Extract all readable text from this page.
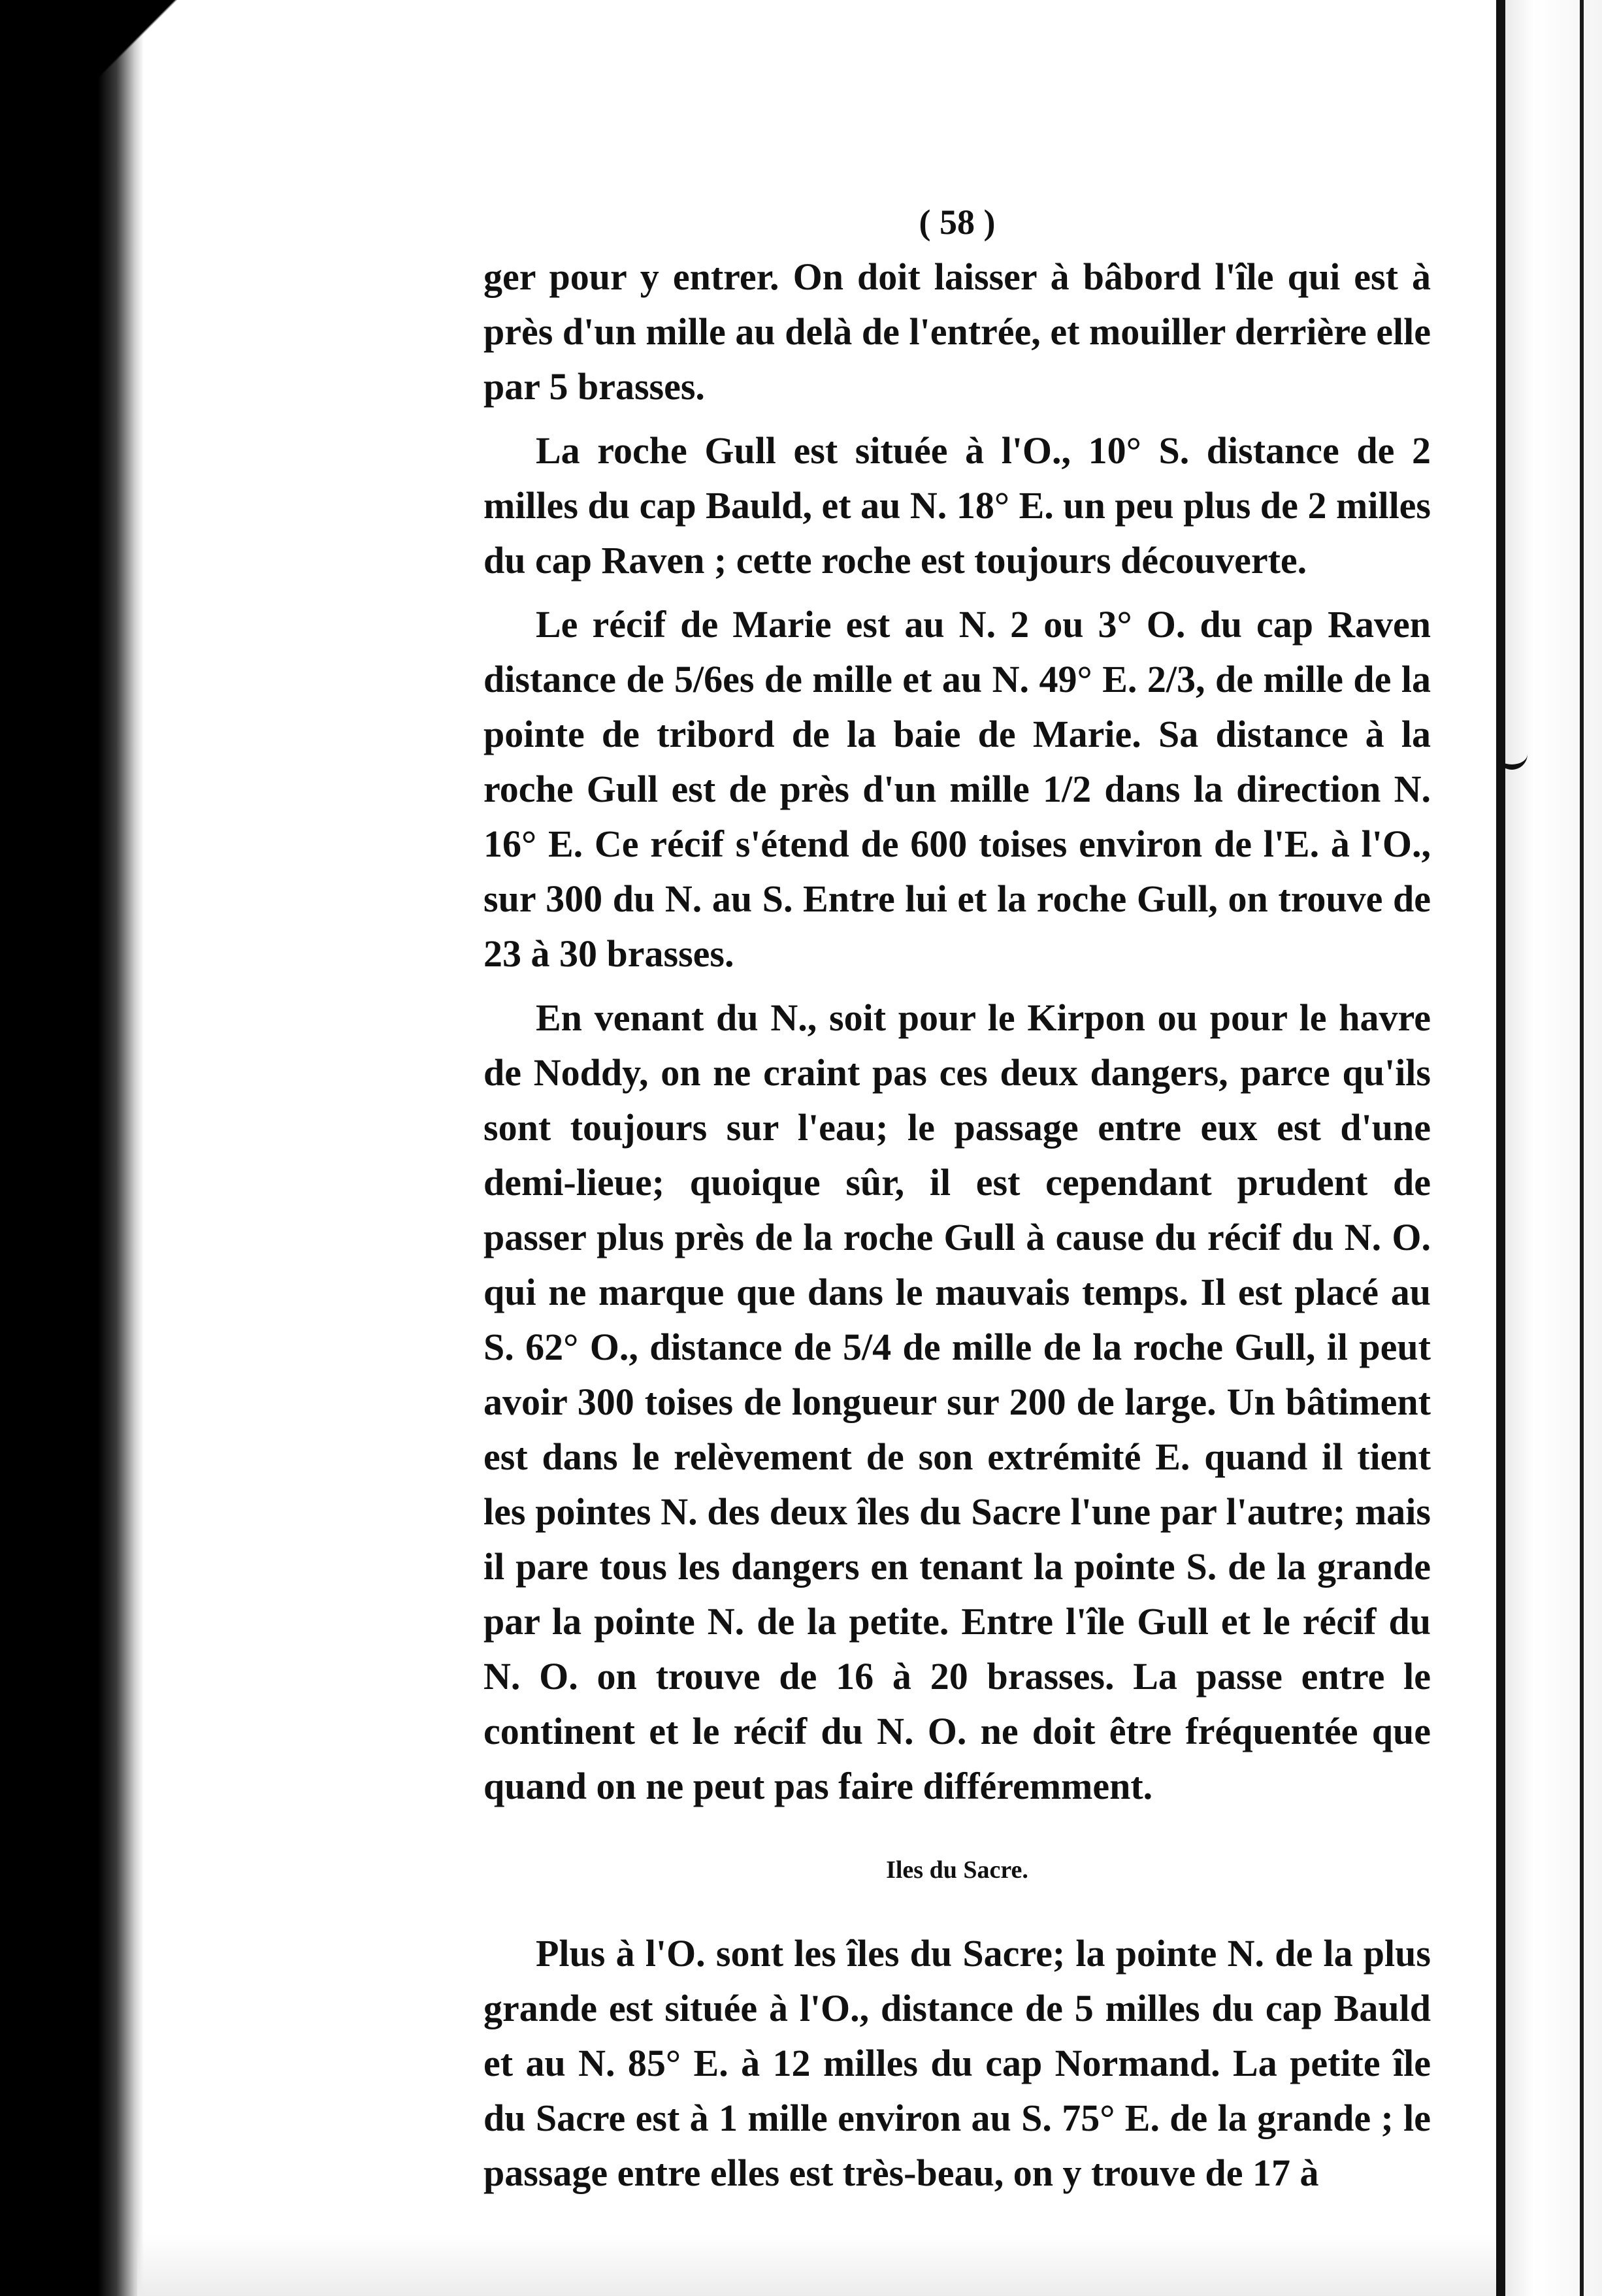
( 58 )

ger pour y entrer. On doit laisser à bâbord l'île qui est à près d'un mille au delà de l'entrée, et mouiller derrière elle par 5 brasses.

La roche Gull est située à l'O., 10° S. distance de 2 milles du cap Bauld, et au N. 18° E. un peu plus de 2 milles du cap Raven ; cette roche est toujours découverte.

Le récif de Marie est au N. 2 ou 3° O. du cap Raven distance de 5/6es de mille et au N. 49° E. 2/3, de mille de la pointe de tribord de la baie de Marie. Sa distance à la roche Gull est de près d'un mille 1/2 dans la direction N. 16° E. Ce récif s'étend de 600 toises environ de l'E. à l'O., sur 300 du N. au S. Entre lui et la roche Gull, on trouve de 23 à 30 brasses.

En venant du N., soit pour le Kirpon ou pour le havre de Noddy, on ne craint pas ces deux dangers, parce qu'ils sont toujours sur l'eau; le passage entre eux est d'une demi-lieue; quoique sûr, il est cependant prudent de passer plus près de la roche Gull à cause du récif du N. O. qui ne marque que dans le mauvais temps. Il est placé au S. 62° O., distance de 5/4 de mille de la roche Gull, il peut avoir 300 toises de longueur sur 200 de large. Un bâtiment est dans le relèvement de son extrémité E. quand il tient les pointes N. des deux îles du Sacre l'une par l'autre; mais il pare tous les dangers en tenant la pointe S. de la grande par la pointe N. de la petite. Entre l'île Gull et le récif du N. O. on trouve de 16 à 20 brasses. La passe entre le continent et le récif du N. O. ne doit être fréquentée que quand on ne peut pas faire différemment.

Iles du Sacre.

Plus à l'O. sont les îles du Sacre; la pointe N. de la plus grande est située à l'O., distance de 5 milles du cap Bauld et au N. 85° E. à 12 milles du cap Normand. La petite île du Sacre est à 1 mille environ au S. 75° E. de la grande ; le passage entre elles est très-beau, on y trouve de 17 à
